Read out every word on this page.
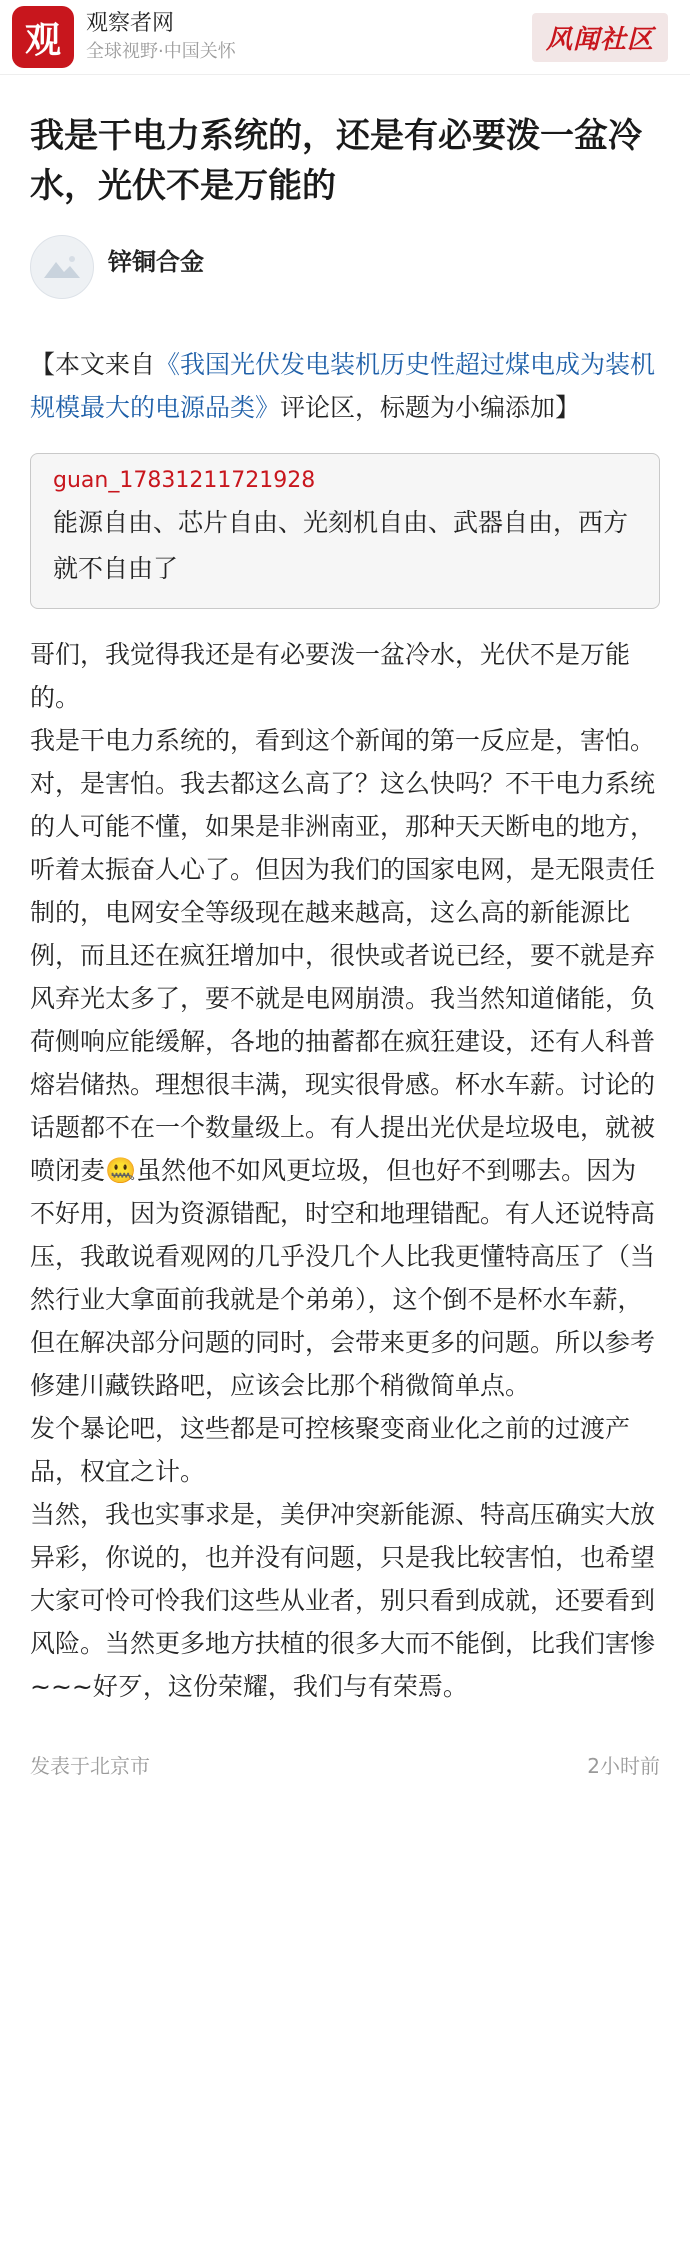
观 观察者网
全球视野·中国关怀	风闻社区
我是干电力系统的，还是有必要泼一盆冷水，光伏不是万能的
锌铜合金
【本文来自《我国光伏发电装机历史性超过煤电成为装机规模最大的电源品类》评论区，标题为小编添加】
guan_17831211721928
能源自由、芯片自由、光刻机自由、武器自由，西方就不自由了

哥们，我觉得我还是有必要泼一盆冷水，光伏不是万能的。

我是干电力系统的，看到这个新闻的第一反应是，害怕。对，是害怕。我去都这么高了？这么快吗？不干电力系统的人可能不懂，如果是非洲南亚，那种天天断电的地方，听着太振奋人心了。但因为我们的国家电网，是无限责任制的，电网安全等级现在越来越高，这么高的新能源比例，而且还在疯狂增加中，很快或者说已经，要不就是弃风弃光太多了，要不就是电网崩溃。我当然知道储能，负荷侧响应能缓解，各地的抽蓄都在疯狂建设，还有人科普熔岩储热。理想很丰满，现实很骨感。杯水车薪。讨论的话题都不在一个数量级上。有人提出光伏是垃圾电，就被喷闭麦🤐虽然他不如风更垃圾，但也好不到哪去。因为不好用，因为资源错配，时空和地理错配。有人还说特高压，我敢说看观网的几乎没几个人比我更懂特高压了（当然行业大拿面前我就是个弟弟），这个倒不是杯水车薪，但在解决部分问题的同时，会带来更多的问题。所以参考修建川藏铁路吧，应该会比那个稍微简单点。

发个暴论吧，这些都是可控核聚变商业化之前的过渡产品，权宜之计。

当然，我也实事求是，美伊冲突新能源、特高压确实大放异彩，你说的，也并没有问题，只是我比较害怕，也希望大家可怜可怜我们这些从业者，别只看到成就，还要看到风险。当然更多地方扶植的很多大而不能倒，比我们害惨~~~好歹，这份荣耀，我们与有荣焉。

发表于北京市	2小时前
